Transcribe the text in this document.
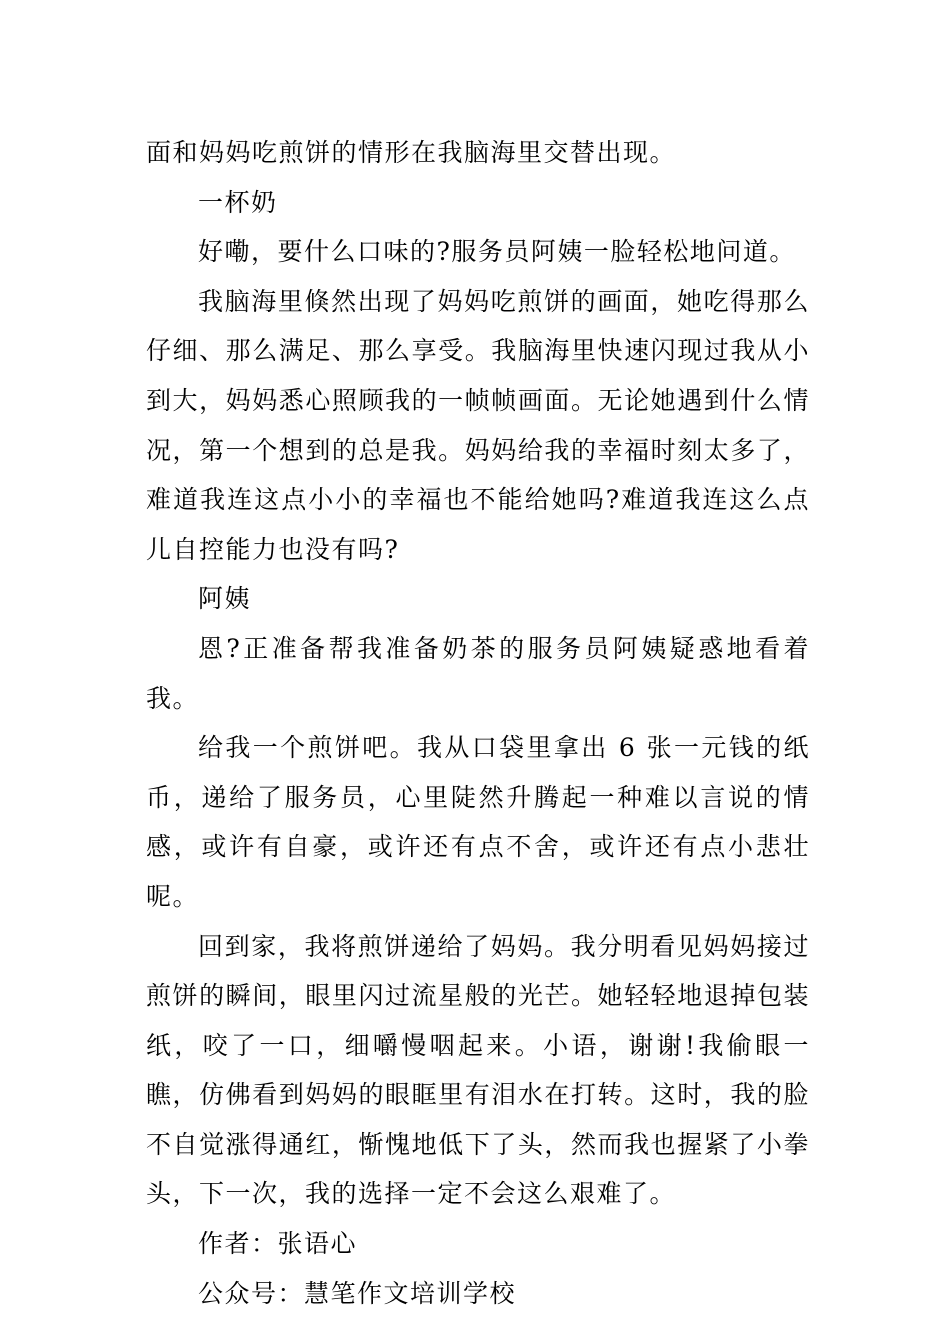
面和妈妈吃煎饼的情形在我脑海里交替出现。

一杯奶

好嘞，要什么口味的?服务员阿姨一脸轻松地问道。

我脑海里倏然出现了妈妈吃煎饼的画面，她吃得那么仔细、那么满足、那么享受。我脑海里快速闪现过我从小到大，妈妈悉心照顾我的一帧帧画面。无论她遇到什么情况，第一个想到的总是我。妈妈给我的幸福时刻太多了，难道我连这点小小的幸福也不能给她吗?难道我连这么点儿自控能力也没有吗?

阿姨

恩?正准备帮我准备奶茶的服务员阿姨疑惑地看着我。

给我一个煎饼吧。我从口袋里拿出 6 张一元钱的纸币，递给了服务员，心里陡然升腾起一种难以言说的情感，或许有自豪，或许还有点不舍，或许还有点小悲壮呢。

回到家，我将煎饼递给了妈妈。我分明看见妈妈接过煎饼的瞬间，眼里闪过流星般的光芒。她轻轻地退掉包装纸，咬了一口，细嚼慢咽起来。小语，谢谢!我偷眼一瞧，仿佛看到妈妈的眼眶里有泪水在打转。这时，我的脸不自觉涨得通红，惭愧地低下了头，然而我也握紧了小拳头，下一次，我的选择一定不会这么艰难了。

作者：张语心

公众号：慧笔作文培训学校
